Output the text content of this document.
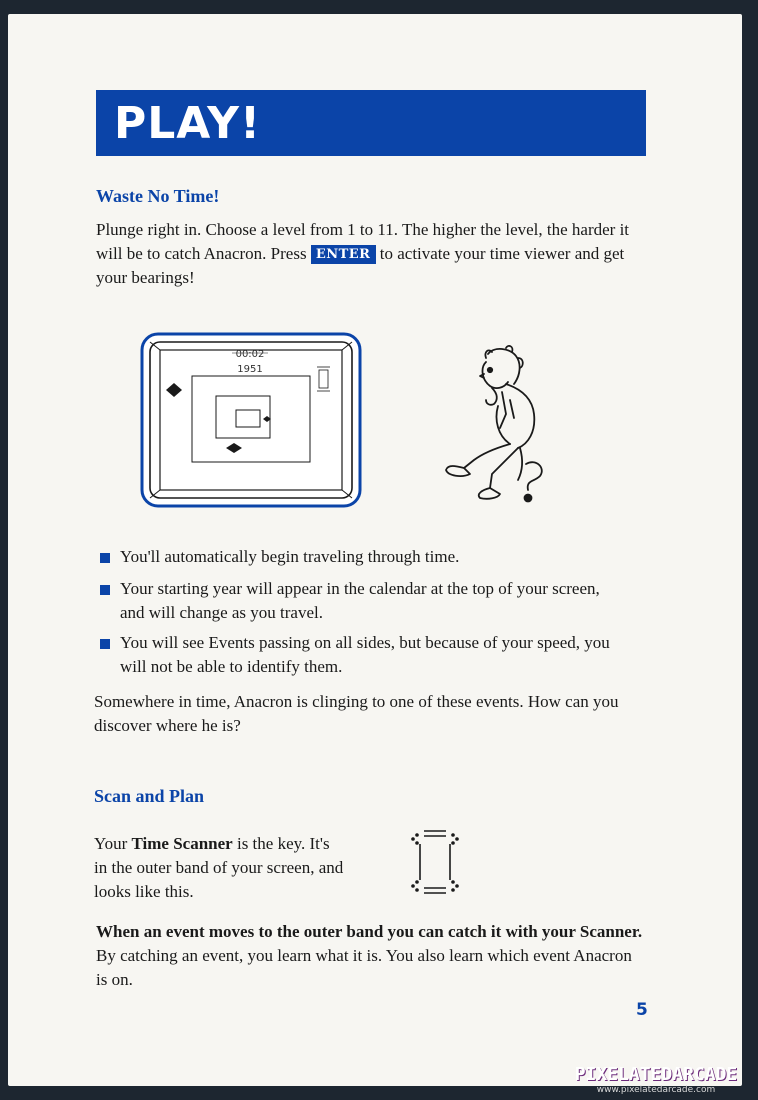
PLAY!
Waste No Time!
Plunge right in. Choose a level from 1 to 11. The higher the level, the harder it will be to catch Anacron. Press ENTER to activate your time viewer and get your bearings!
00:02
1951
You'll automatically begin traveling through time.
Your starting year will appear in the calendar at the top of your screen, and will change as you travel.
You will see Events passing on all sides, but because of your speed, you will not be able to identify them.
Somewhere in time, Anacron is clinging to one of these events. How can you discover where he is?
Scan and Plan
Your Time Scanner is the key. It's in the outer band of your screen, and looks like this.
When an event moves to the outer band you can catch it with your Scanner. By catching an event, you learn what it is. You also learn which event Anacron is on.
5
PIXELATEDARCADE
www.pixelatedarcade.com
